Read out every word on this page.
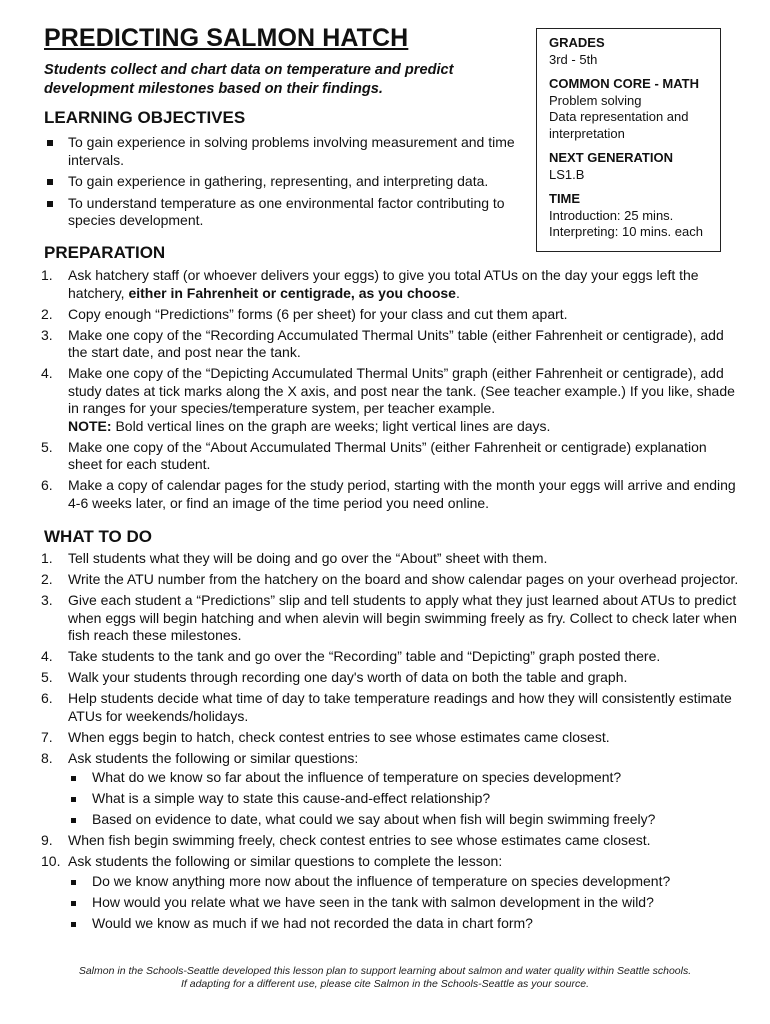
PREDICTING SALMON HATCH

Students collect and chart data on temperature and predict development milestones based on their findings.

GRADES
3rd - 5th
COMMON CORE - MATH
Problem solving
Data representation and
interpretation
NEXT GENERATION
LS1.B
TIME
Introduction: 25 mins.
Interpreting: 10 mins. each
LEARNING OBJECTIVES
To gain experience in solving problems involving measurement and time intervals.
To gain experience in gathering, representing, and interpreting data.
To understand temperature as one environmental factor contributing to species development.
PREPARATION
1. Ask hatchery staff (or whoever delivers your eggs) to give you total ATUs on the day your eggs left the hatchery, either in Fahrenheit or centigrade, as you choose.
2. Copy enough “Predictions” forms (6 per sheet) for your class and cut them apart.
3. Make one copy of the “Recording Accumulated Thermal Units” table (either Fahrenheit or centigrade), add the start date, and post near the tank.
4. Make one copy of the “Depicting Accumulated Thermal Units” graph (either Fahrenheit or centigrade), add study dates at tick marks along the X axis, and post near the tank. (See teacher example.) If you like, shade in ranges for your species/temperature system, per teacher example.
NOTE: Bold vertical lines on the graph are weeks; light vertical lines are days.
5. Make one copy of the “About Accumulated Thermal Units” (either Fahrenheit or centigrade) explanation sheet for each student.
6. Make a copy of calendar pages for the study period, starting with the month your eggs will arrive and ending 4-6 weeks later, or find an image of the time period you need online.
WHAT TO DO
1. Tell students what they will be doing and go over the “About” sheet with them.
2. Write the ATU number from the hatchery on the board and show calendar pages on your overhead projector.
3. Give each student a “Predictions” slip and tell students to apply what they just learned about ATUs to predict when eggs will begin hatching and when alevin will begin swimming freely as fry. Collect to check later when fish reach these milestones.
4. Take students to the tank and go over the “Recording” table and “Depicting” graph posted there.
5. Walk your students through recording one day's worth of data on both the table and graph.
6. Help students decide what time of day to take temperature readings and how they will consistently estimate ATUs for weekends/holidays.
7. When eggs begin to hatch, check contest entries to see whose estimates came closest.
8. Ask students the following or similar questions:
What do we know so far about the influence of temperature on species development?
What is a simple way to state this cause-and-effect relationship?
Based on evidence to date, what could we say about when fish will begin swimming freely?
9. When fish begin swimming freely, check contest entries to see whose estimates came closest.
10. Ask students the following or similar questions to complete the lesson:
Do we know anything more now about the influence of temperature on species development?
How would you relate what we have seen in the tank with salmon development in the wild?
Would we know as much if we had not recorded the data in chart form?
Salmon in the Schools-Seattle developed this lesson plan to support learning about salmon and water quality within Seattle schools.
If adapting for a different use, please cite Salmon in the Schools-Seattle as your source.
